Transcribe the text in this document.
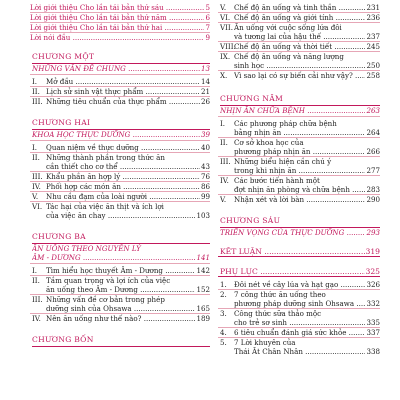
Lời giới thiệu Cho lần tái bản thứ sáu .....	5
Lời giới thiệu Cho lần tái bản thứ năm .....	6
Lời giới thiệu Cho lần tái bản thứ hai .....	7
Lời nói đầu .....	9
CHƯƠNG MỘT
NHỮNG VẤN ĐỀ CHUNG .....	13
I. Mở đầu .....	14
II. Lịch sử sinh vật thực phẩm .....	21
III. Những tiêu chuẩn của thực phẩm .....	26
CHƯƠNG HAI
KHOA HỌC THỰC DƯỠNG .....	39
I. Quan niệm về thực dưỡng .....	40
II. Những thành phần trong thức ăn
cần thiết cho cơ thể .....	43
III. Khẩu phần ăn hợp lý .....	76
IV. Phối hợp các món ăn .....	86
V. Nhu cầu đạm của loài người .....	99
VI. Tác hại của việc ăn thịt và ích lợi
của việc ăn chay .....	103
CHƯƠNG BA
ĂN UỐNG THEO NGUYÊN LÝ
ÂM - DƯƠNG .....	141
I. Tìm hiểu học thuyết Âm - Dương .....	142
II. Tầm quan trọng và lợi ích của việc
ăn uống theo Âm - Dương .....	152
III. Những vấn đề cơ bản trong phép
dưỡng sinh của Ohsawa .....	165
IV. Nên ăn uống như thế nào? .....	189
CHƯƠNG BỐN
V. Chế độ ăn uống và tinh thần .....	231
VI. Chế độ ăn uống và giới tính .....	236
VII. Ăn uống với cuộc sống lứa đôi
và tương lai của hậu thế .....	237
VIII.
Chế độ ăn uống và thời tiết .....	245
IX. Chế độ ăn uống và năng lượng
sinh học .....	250
X. Vì sao lại có sự biến cải như vậy? .....	258
CHƯƠNG NĂM
NHỊN ĂN CHỮA BỆNH .....	263
I. Các phương pháp chữa bệnh
bằng nhịn ăn .....	264
II. Cơ sở khoa học của
phương pháp nhịn ăn .....	266
III. Những biểu hiện cần chú ý
trong khi nhịn ăn .....	277
IV. Các bước tiến hành một
đợt nhịn ăn phòng và chữa bệnh .....	283
V. Nhận xét và lời bàn .....	290
CHƯƠNG SÁU
TRIỂN VỌNG CỦA THỰC DƯỠNG .....	293
KẾT LUẬN .....	319
PHỤ LỤC .....	325
1. Đôi nét về cây lúa và hạt gạo .....	326
2. 7 công thức ăn uống theo
phương pháp dưỡng sinh Ohsawa .....	332
3. Công thức sữa thảo mộc
cho trẻ sơ sinh .....	335
4. 6 tiêu chuẩn đánh giá sức khỏe .....	337
5. 7 Lời khuyên của
Thái Ất Chân Nhân .....	338
